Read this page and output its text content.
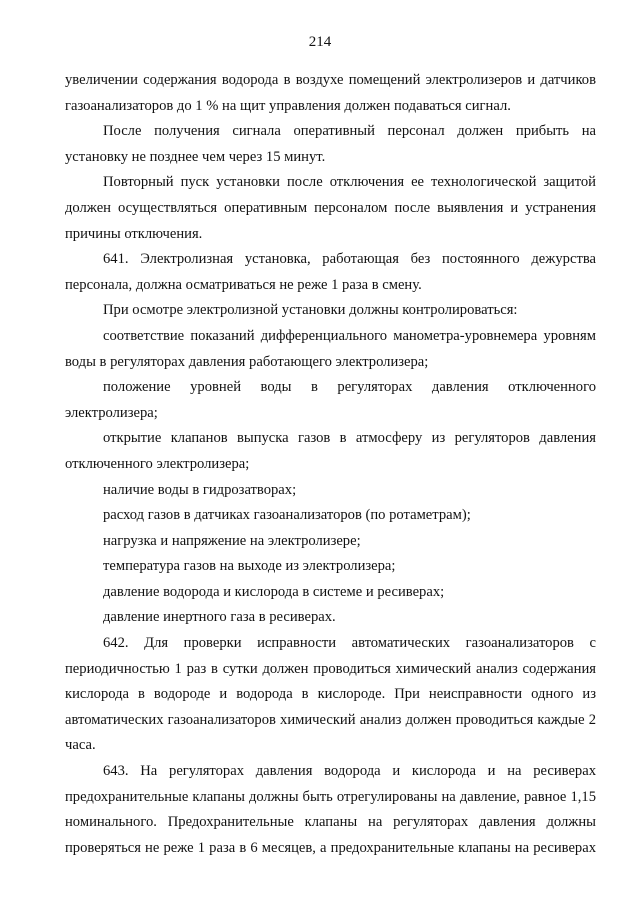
214

увеличении содержания водорода в воздухе помещений электролизеров и датчиков газоанализаторов до 1 % на щит управления должен подаваться сигнал.

После получения сигнала оперативный персонал должен прибыть на установку не позднее чем через 15 минут.

Повторный пуск установки после отключения ее технологической защитой должен осуществляться оперативным персоналом после выявления и устранения причины отключения.

641. Электролизная установка, работающая без постоянного дежурства персонала, должна осматриваться не реже 1 раза в смену.

При осмотре электролизной установки должны контролироваться:

соответствие показаний дифференциального манометра-уровнемера уровням воды в регуляторах давления работающего электролизера;

положение уровней воды в регуляторах давления отключенного электролизера;

открытие клапанов выпуска газов в атмосферу из регуляторов давления отключенного электролизера;

наличие воды в гидрозатворах;

расход газов в датчиках газоанализаторов (по ротаметрам);

нагрузка и напряжение на электролизере;

температура газов на выходе из электролизера;

давление водорода и кислорода в системе и ресиверах;

давление инертного газа в ресиверах.

642. Для проверки исправности автоматических газоанализаторов с периодичностью 1 раз в сутки должен проводиться химический анализ содержания кислорода в водороде и водорода в кислороде. При неисправности одного из автоматических газоанализаторов химический анализ должен проводиться каждые 2 часа.

643. На регуляторах давления водорода и кислорода и на ресиверах предохранительные клапаны должны быть отрегулированы на давление, равное 1,15 номинального. Предохранительные клапаны на регуляторах давления должны проверяться не реже 1 раза в 6 месяцев, а предохранительные клапаны на ресиверах
